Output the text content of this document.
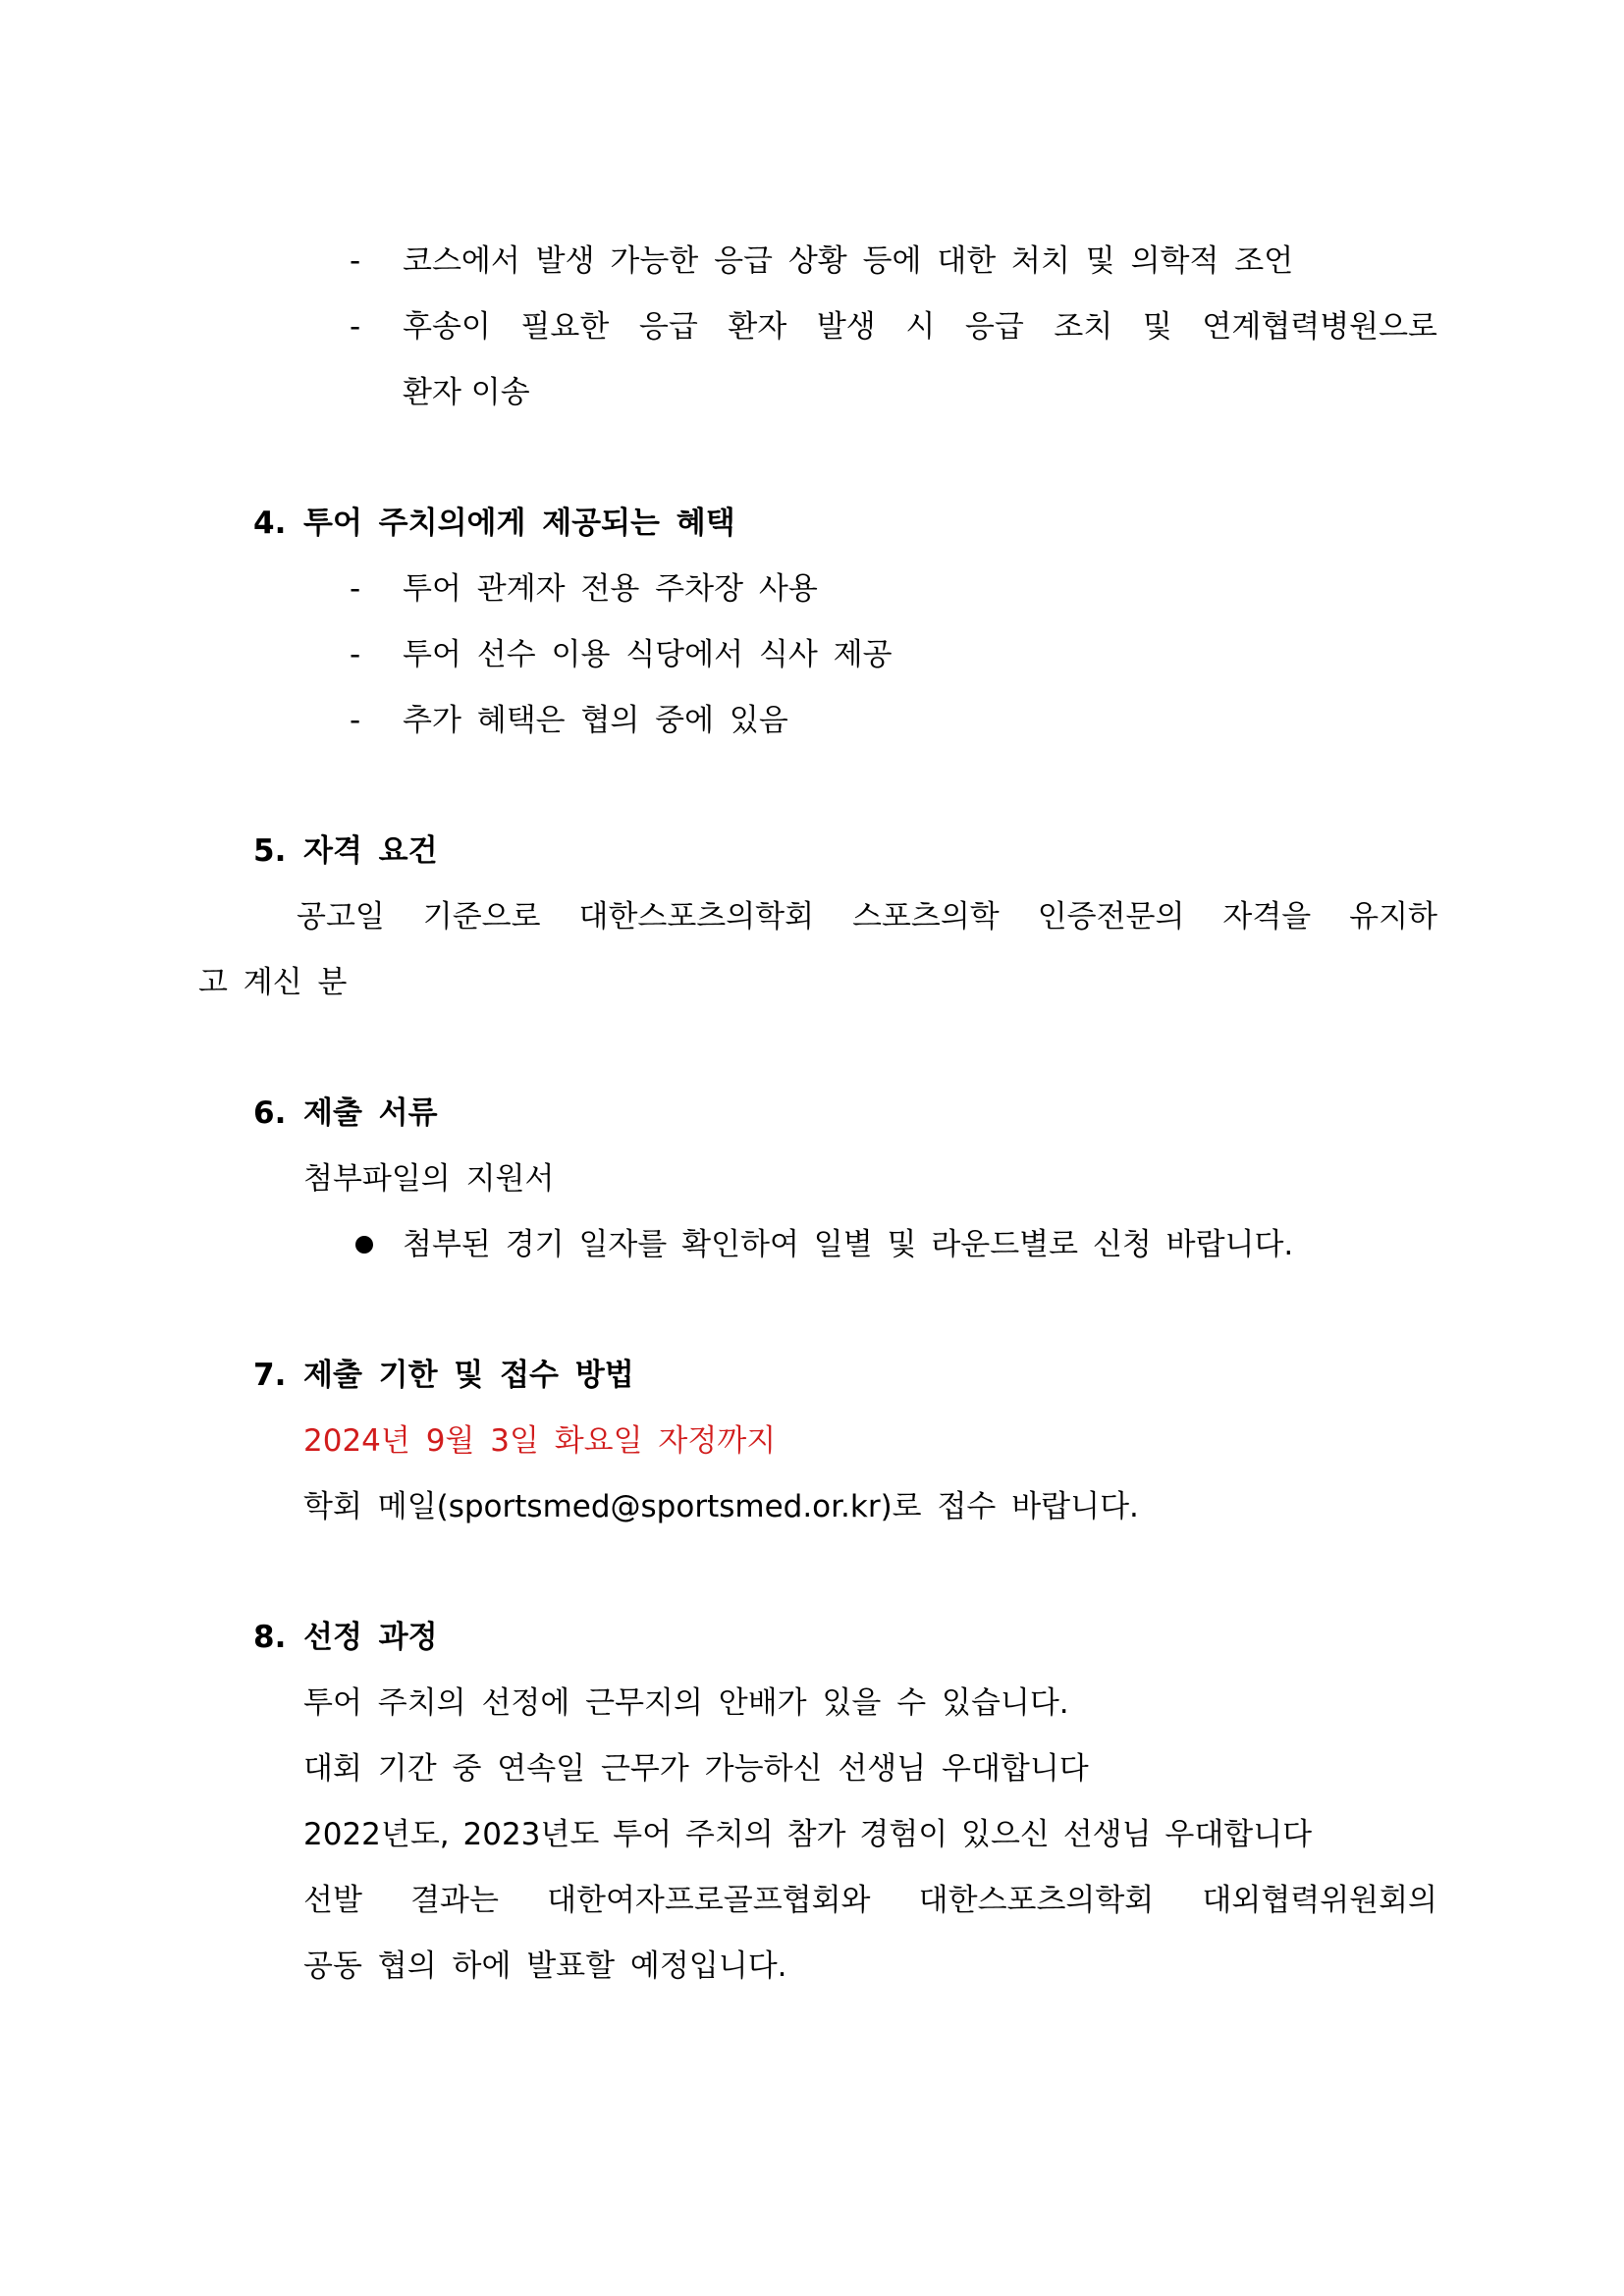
- 코스에서 발생 가능한 응급 상황 등에 대한 처치 및 의학적 조언
- 후송이 필요한 응급 환자 발생 시 응급 조치 및 연계협력병원으로
환자 이송
4. 투어 주치의에게 제공되는 혜택
- 투어 관계자 전용 주차장 사용
- 투어 선수 이용 식당에서 식사 제공
- 추가 혜택은 협의 중에 있음
5. 자격 요건
공고일 기준으로 대한스포츠의학회 스포츠의학 인증전문의 자격을 유지하
고 계신 분
6. 제출 서류
첨부파일의 지원서
첨부된 경기 일자를 확인하여 일별 및 라운드별로 신청 바랍니다.
7. 제출 기한 및 접수 방법
2024년 9월 3일 화요일 자정까지
학회 메일(sportsmed@sportsmed.or.kr)로 접수 바랍니다.
8. 선정 과정
투어 주치의 선정에 근무지의 안배가 있을 수 있습니다.
대회 기간 중 연속일 근무가 가능하신 선생님 우대합니다
2022년도, 2023년도 투어 주치의 참가 경험이 있으신 선생님 우대합니다
선발 결과는 대한여자프로골프협회와 대한스포츠의학회 대외협력위원회의
공동 협의 하에 발표할 예정입니다.
